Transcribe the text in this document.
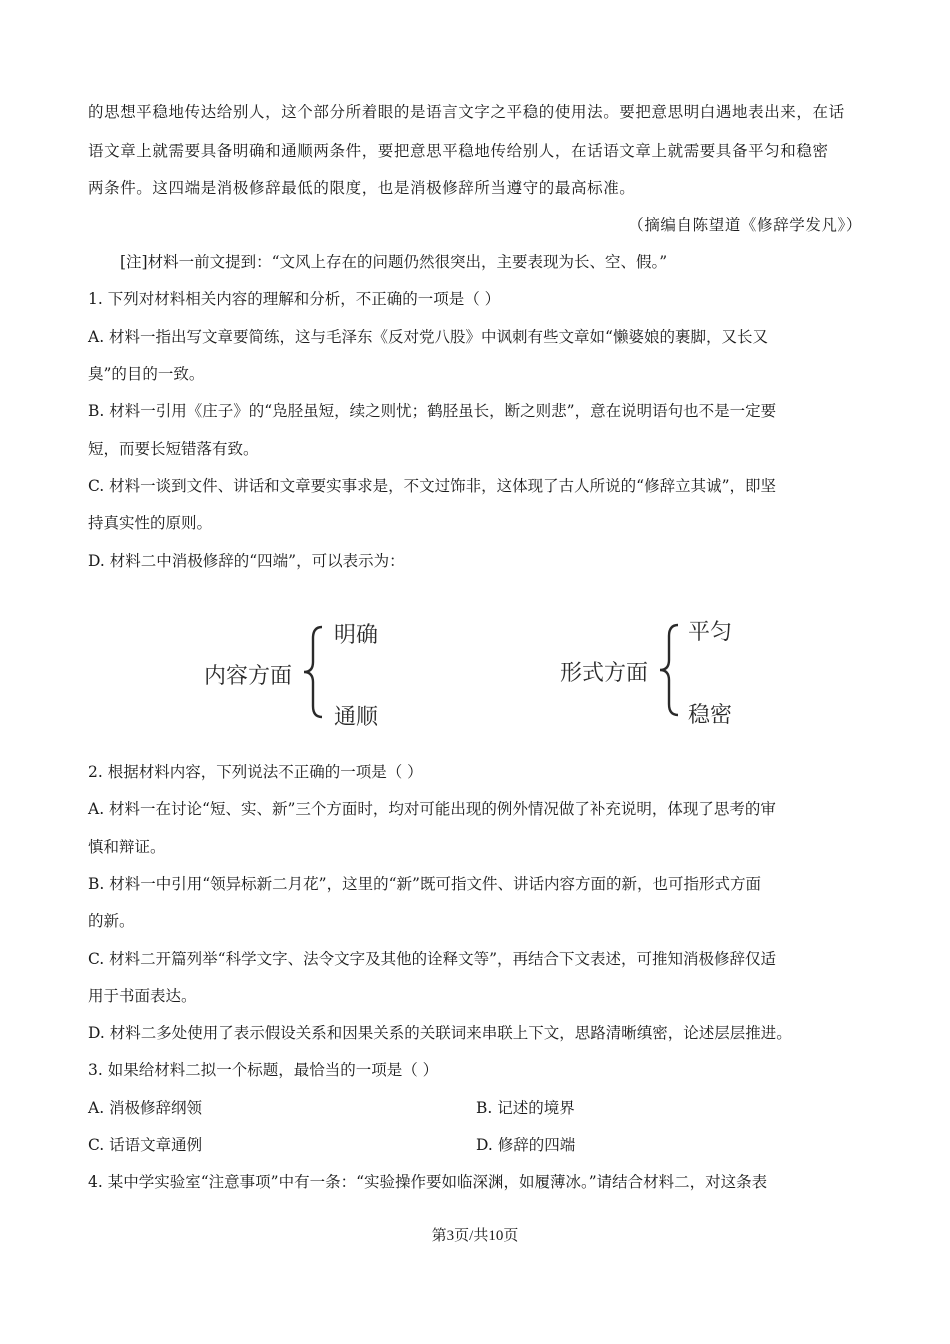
的思想平稳地传达给别人，这个部分所着眼的是语言文字之平稳的使用法。要把意思明白遇地表出来，在话
语文章上就需要具备明确和通顺两条件，要把意思平稳地传给别人，在话语文章上就需要具备平匀和稳密
两条件。这四端是消极修辞最低的限度，也是消极修辞所当遵守的最高标准。
（摘编自陈望道《修辞学发凡》）
[注]材料一前文提到：“文风上存在的问题仍然很突出，主要表现为长、空、假。”
1. 下列对材料相关内容的理解和分析，不正确的一项是（ ）
A. 材料一指出写文章要简练，这与毛泽东《反对党八股》中讽刺有些文章如“懒婆娘的裹脚，又长又
臭”的目的一致。
B. 材料一引用《庄子》的“凫胫虽短，续之则忧；鹤胫虽长，断之则悲”，意在说明语句也不是一定要
短，而要长短错落有致。
C. 材料一谈到文件、讲话和文章要实事求是，不文过饰非，这体现了古人所说的“修辞立其诚”，即坚
持真实性的原则。
D. 材料二中消极修辞的“四端”，可以表示为：
内容方面
明确
通顺
形式方面
平匀
稳密
2. 根据材料内容，下列说法不正确的一项是（ ）
A. 材料一在讨论“短、实、新”三个方面时，均对可能出现的例外情况做了补充说明，体现了思考的审
慎和辩证。
B. 材料一中引用“领异标新二月花”，这里的“新”既可指文件、讲话内容方面的新，也可指形式方面
的新。
C. 材料二开篇列举“科学文字、法令文字及其他的诠释文等”，再结合下文表述，可推知消极修辞仅适
用于书面表达。
D. 材料二多处使用了表示假设关系和因果关系的关联词来串联上下文，思路清晰缜密，论述层层推进。
3. 如果给材料二拟一个标题，最恰当的一项是（ ）
A. 消极修辞纲领	B. 记述的境界
C. 话语文章通例	D. 修辞的四端
4. 某中学实验室“注意事项”中有一条：“实验操作要如临深渊，如履薄冰。”请结合材料二，对这条表
第3页/共10页
